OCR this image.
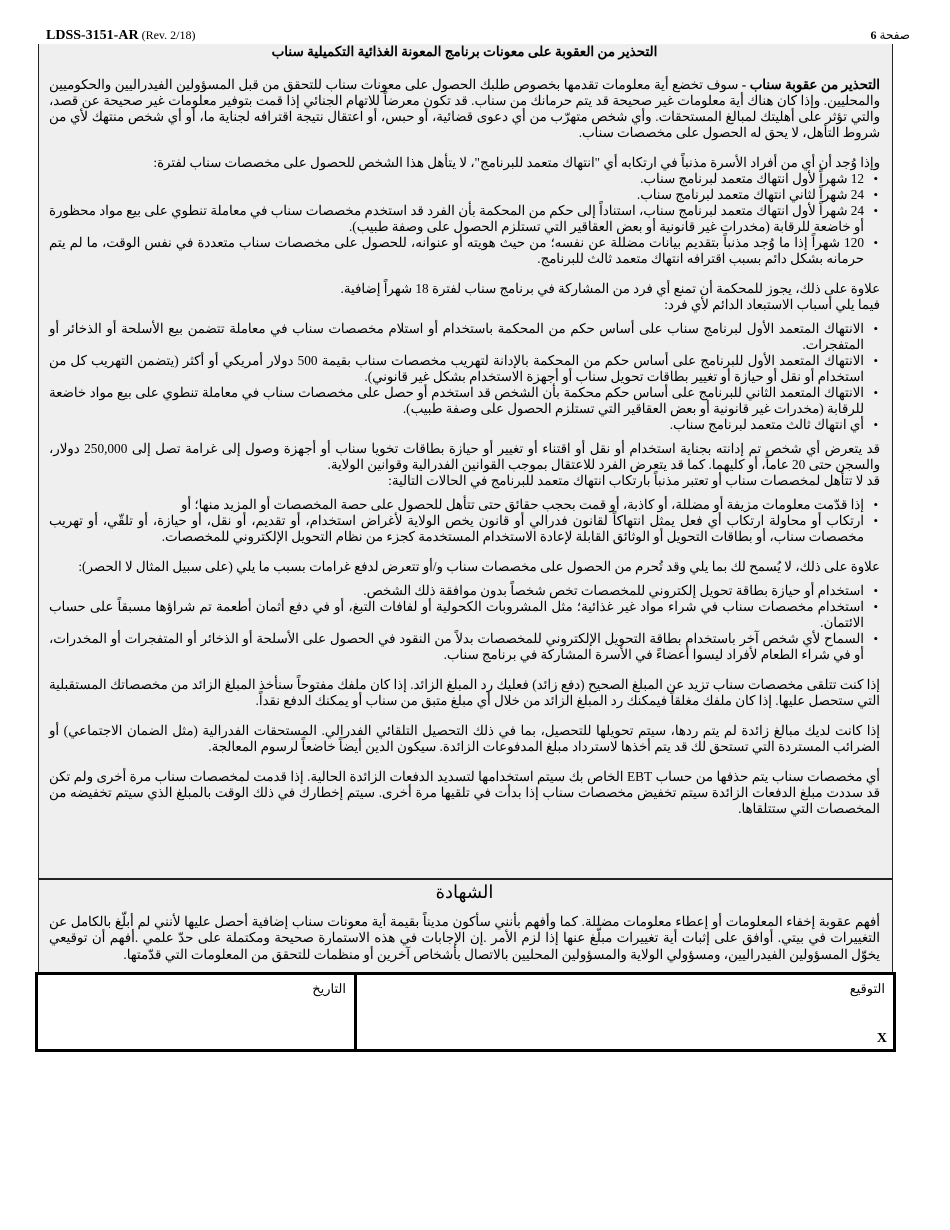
LDSS-3151-AR (Rev. 2/18)	صفحة 6

التحذير من العقوبة على معونات برنامج المعونة الغذائية التكميلية سناب

التحذير من عقوبة سناب - سوف تخضع أية معلومات تقدمها بخصوص طلبك الحصول على معونات سناب للتحقق من قبل المسؤولين الفيدراليين والحكوميين والمحليين. وإذا كان هناك أية معلومات غير صحيحة قد يتم حرمانك من سناب. قد تكون معرضاً للاتهام الجنائي إذا قمت بتوفير معلومات غير صحيحة عن قصد، والتي تؤثر على أهليتك لمبالغ المستحقات. وأي شخص متهرّب من أي دعوى قضائية، أو حبس، أو اعتقال نتيجة اقترافه لجناية ما، أو أي شخص منتهك لأي من شروط التأهل، لا يحق له الحصول على مخصصات سناب.

وإذا وُجد أن أي من أفراد الأسرة مذنباً في ارتكابه أي "انتهاك متعمد للبرنامج"، لا يتأهل هذا الشخص للحصول على مخصصات سناب لفترة:

• 12 شهراً لأول انتهاك متعمد لبرنامج سناب.
• 24 شهراً لثاني انتهاك متعمد لبرنامج سناب.
• 24 شهراً لأول انتهاك متعمد لبرنامج سناب، استناداً إلى حكم من المحكمة بأن الفرد قد استخدم مخصصات سناب في معاملة تنطوي على بيع مواد محظورة أو خاضعة للرقابة (مخدرات غير قانونية أو بعض العقاقير التي تستلزم الحصول على وصفة طبيب).
• 120 شهراً إذا ما وُجد مذنباً بتقديم بيانات مضللة عن نفسه؛ من حيث هويته أو عنوانه، للحصول على مخصصات سناب متعددة في نفس الوقت، ما لم يتم حرمانه بشكل دائم بسبب اقترافه انتهاك متعمد ثالث للبرنامج.

علاوة على ذلك، يجوز للمحكمة أن تمنع أي فرد من المشاركة في برنامج سناب لفترة 18 شهراً إضافية.

فيما يلي أسباب الاستبعاد الدائم لأي فرد:

• الانتهاك المتعمد الأول لبرنامج سناب على أساس حكم من المحكمة باستخدام أو استلام مخصصات سناب في معاملة تتضمن بيع الأسلحة أو الذخائر أو المتفجرات.
• الانتهاك المتعمد الأول للبرنامج على أساس حكم من المحكمة بالإدانة لتهريب مخصصات سناب بقيمة 500 دولار أمريكي أو أكثر (يتضمن التهريب كل من استخدام أو نقل أو حيازة أو تغيير بطاقات تحويل سناب أو أجهزة الاستخدام بشكل غير قانوني).
• الانتهاك المتعمد الثاني للبرنامج على أساس حكم محكمة بأن الشخص قد استخدم أو حصل على مخصصات سناب في معاملة تنطوي على بيع مواد خاضعة للرقابة (مخدرات غير قانونية أو بعض العقاقير التي تستلزم الحصول على وصفة طبيب).
• أي انتهاك ثالث متعمد لبرنامج سناب.

قد يتعرض أي شخص تم إدانته بجناية استخدام أو نقل أو اقتناء أو تغيير أو حيازة بطاقات تخويا سناب أو أجهزة وصول إلى غرامة تصل إلى 250,000 دولار، والسجن حتى 20 عاماً، أو كليهما. كما قد يتعرض الفرد للاعتقال بموجب القوانين الفدرالية وقوانين الولاية.

قد لا تتأهل لمخصصات سناب أو تعتبر مذنباً بارتكاب انتهاك متعمد للبرنامج في الحالات التالية:

• إذا قدّمت معلومات مزيفة أو مضللة، أو كاذبة، أو قمت بحجب حقائق حتى تتأهل للحصول على حصة المخصصات أو المزيد منها؛ أو
• ارتكاب أو محاولة ارتكاب أي فعل يمثل انتهاكاً لقانون فدرالي أو قانون يخص الولاية لأغراض استخدام، أو تقديم، أو نقل، أو حيازة، أو تلقّي، أو تهريب مخصصات سناب، أو بطاقات التحويل أو الوثائق القابلة لإعادة الاستخدام المستخدمة كجزء من نظام التحويل الإلكتروني للمخصصات.

علاوة على ذلك، لا يُسمح لك بما يلي وقد تُحرم من الحصول على مخصصات سناب و/أو تتعرض لدفع غرامات بسبب ما يلي (على سبيل المثال لا الحصر):

• استخدام أو حيازة بطاقة تحويل إلكتروني للمخصصات تخص شخصاً بدون موافقة ذلك الشخص.
• استخدام مخصصات سناب في شراء مواد غير غذائية؛ مثل المشروبات الكحولية أو لفافات التبغ، أو في دفع أثمان أطعمة تم شراؤها مسبقاً على حساب الائتمان.
• السماح لأي شخص آخر باستخدام بطاقة التحويل الإلكتروني للمخصصات بدلاً من النقود في الحصول على الأسلحة أو الذخائر أو المتفجرات أو المخدرات، أو في شراء الطعام لأفراد ليسوا أعضاءً في الأسرة المشاركة في برنامج سناب.

إذا كنت تتلقى مخصصات سناب تزيد عن المبلغ الصحيح (دفع زائد) فعليك رد المبلغ الزائد. إذا كان ملفك مفتوحاً سنأخذ المبلغ الزائد من مخصصاتك المستقبلية التي ستحصل عليها. إذا كان ملفك مغلقاً فيمكنك رد المبلغ الزائد من خلال أي مبلغ متبق من سناب أو يمكنك الدفع نقداً.

إذا كانت لديك مبالغ زائدة لم يتم ردها، سيتم تحويلها للتحصيل، بما في ذلك التحصيل التلقائي الفدرالي. المستحقات الفدرالية (مثل الضمان الاجتماعي) أو الضرائب المستردة التي تستحق لك قد يتم أخذها لاسترداد مبلغ المدفوعات الزائدة. سيكون الدين أيضاً خاضعاً لرسوم المعالجة.

أي مخصصات سناب يتم حذفها من حساب EBT الخاص بك سيتم استخدامها لتسديد الدفعات الزائدة الحالية. إذا قدمت لمخصصات سناب مرة أخرى ولم تكن قد سددت مبلغ الدفعات الزائدة سيتم تخفيض مخصصات سناب إذا بدأت في تلقيها مرة أخرى. سيتم إخطارك في ذلك الوقت بالمبلغ الذي سيتم تخفيضه من المخصصات التي ستتلقاها.

الشهادة

أفهم عقوبة إخفاء المعلومات أو إعطاء معلومات مضللة. كما وأفهم بأنني سأكون مديناً بقيمة أية معونات سناب إضافية أحصل عليها لأنني لم أبلّغ بالكامل عن التغييرات في بيتي. أوافق على إثبات أية تغييرات مبلّغ عنها إذا لزم الأمر .إن الإجابات في هذه الاستمارة صحيحة ومكتملة على حدّ علمي .أفهم أن توقيعي يخوّل المسؤولين الفيدراليين، ومسؤولي الولاية والمسؤولين المحليين بالاتصال بأشخاص آخرين أو منظمات للتحقق من المعلومات التي قدّمتها.

التوقيع
X
التاريخ
